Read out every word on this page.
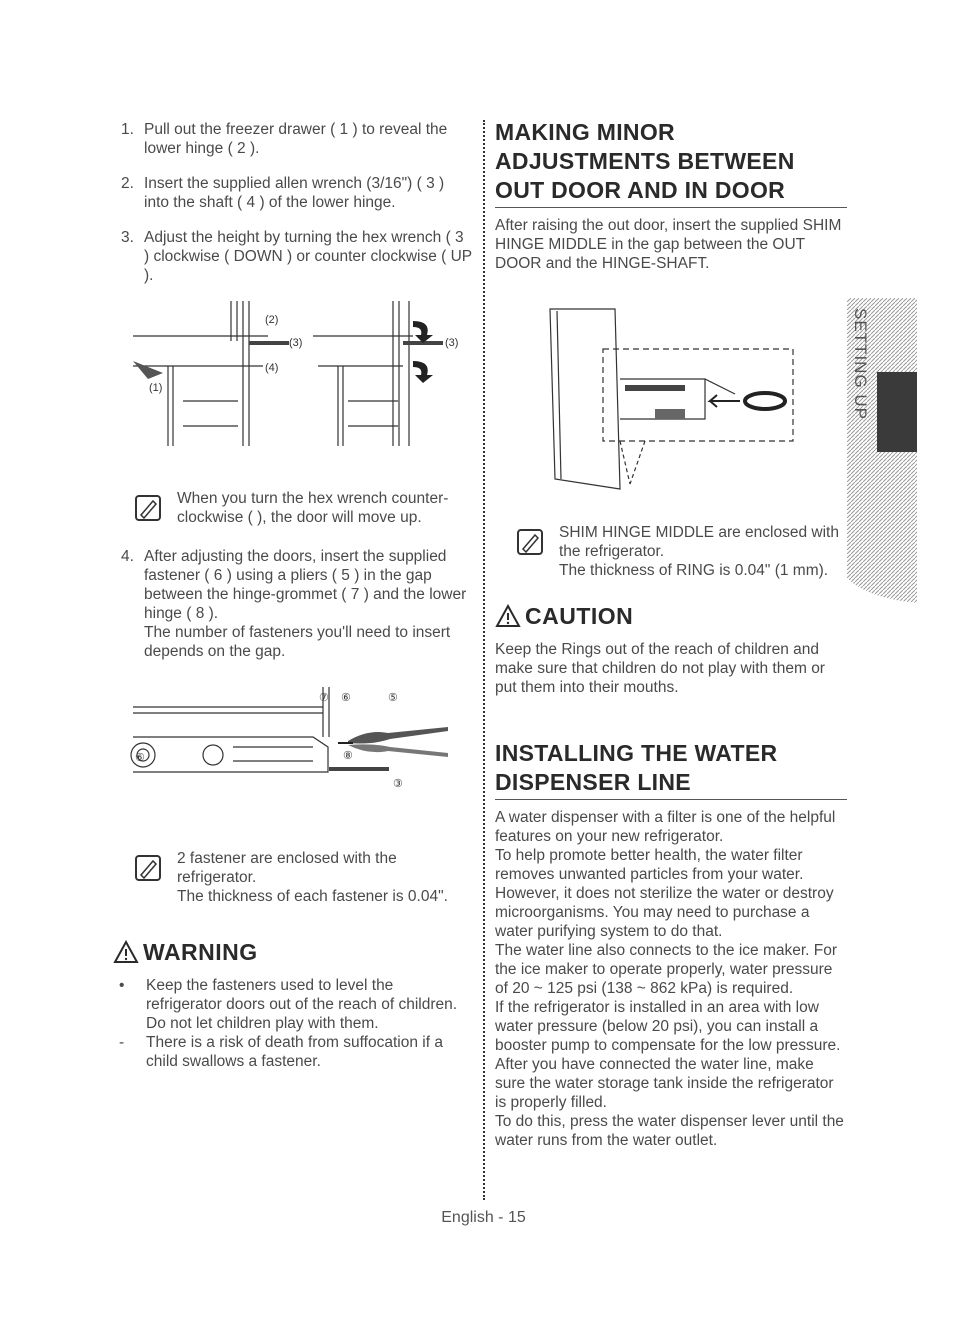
1. Pull out the freezer drawer ( 1 ) to reveal the lower hinge ( 2 ).
2. Insert the supplied allen wrench (3/16") ( 3 ) into the shaft ( 4 ) of the lower hinge.
3. Adjust the height by turning the hex wrench ( 3 ) clockwise ( DOWN ) or counter clockwise ( UP ).
(1)
(2)
(3)
(4)
(3)
When you turn the hex wrench counter-clockwise ( ), the door will move up.
4. After adjusting the doors, insert the supplied fastener ( 6 ) using a pliers ( 5 ) in the gap between the hinge-grommet ( 7 ) and the lower hinge ( 8 ).
The number of fasteners you'll need to insert depends on the gap.
⑦ ⑥	⑤
⑧
③
⑥
2 fastener are enclosed with the refrigerator.
The thickness of each fastener is 0.04".
WARNING
• Keep the fasteners used to level the refrigerator doors out of the reach of children.
Do not let children play with them.
- There is a risk of death from suffocation if a child swallows a fastener.
MAKING MINOR ADJUSTMENTS BETWEEN OUT DOOR AND IN DOOR

After raising the out door, insert the supplied SHIM HINGE MIDDLE in the gap between the OUT DOOR and the HINGE-SHAFT.

SHIM HINGE MIDDLE are enclosed with the refrigerator.
The thickness of RING is 0.04" (1 mm).
CAUTION

Keep the Rings out of the reach of children and make sure that children do not play with them or put them into their mouths.

INSTALLING THE WATER DISPENSER LINE
A water dispenser with a filter is one of the helpful features on your new refrigerator.
To help promote better health, the water filter removes unwanted particles from your water. However, it does not sterilize the water or destroy microorganisms. You may need to purchase a water purifying system to do that.
The water line also connects to the ice maker. For the ice maker to operate properly, water pressure of 20 ~ 125 psi (138 ~ 862 kPa) is required.
If the refrigerator is installed in an area with low water pressure (below 20 psi), you can install a booster pump to compensate for the low pressure.
After you have connected the water line, make sure the water storage tank inside the refrigerator is properly filled.
To do this, press the water dispenser lever until the water runs from the water outlet.
SETTING UP
English - 15
